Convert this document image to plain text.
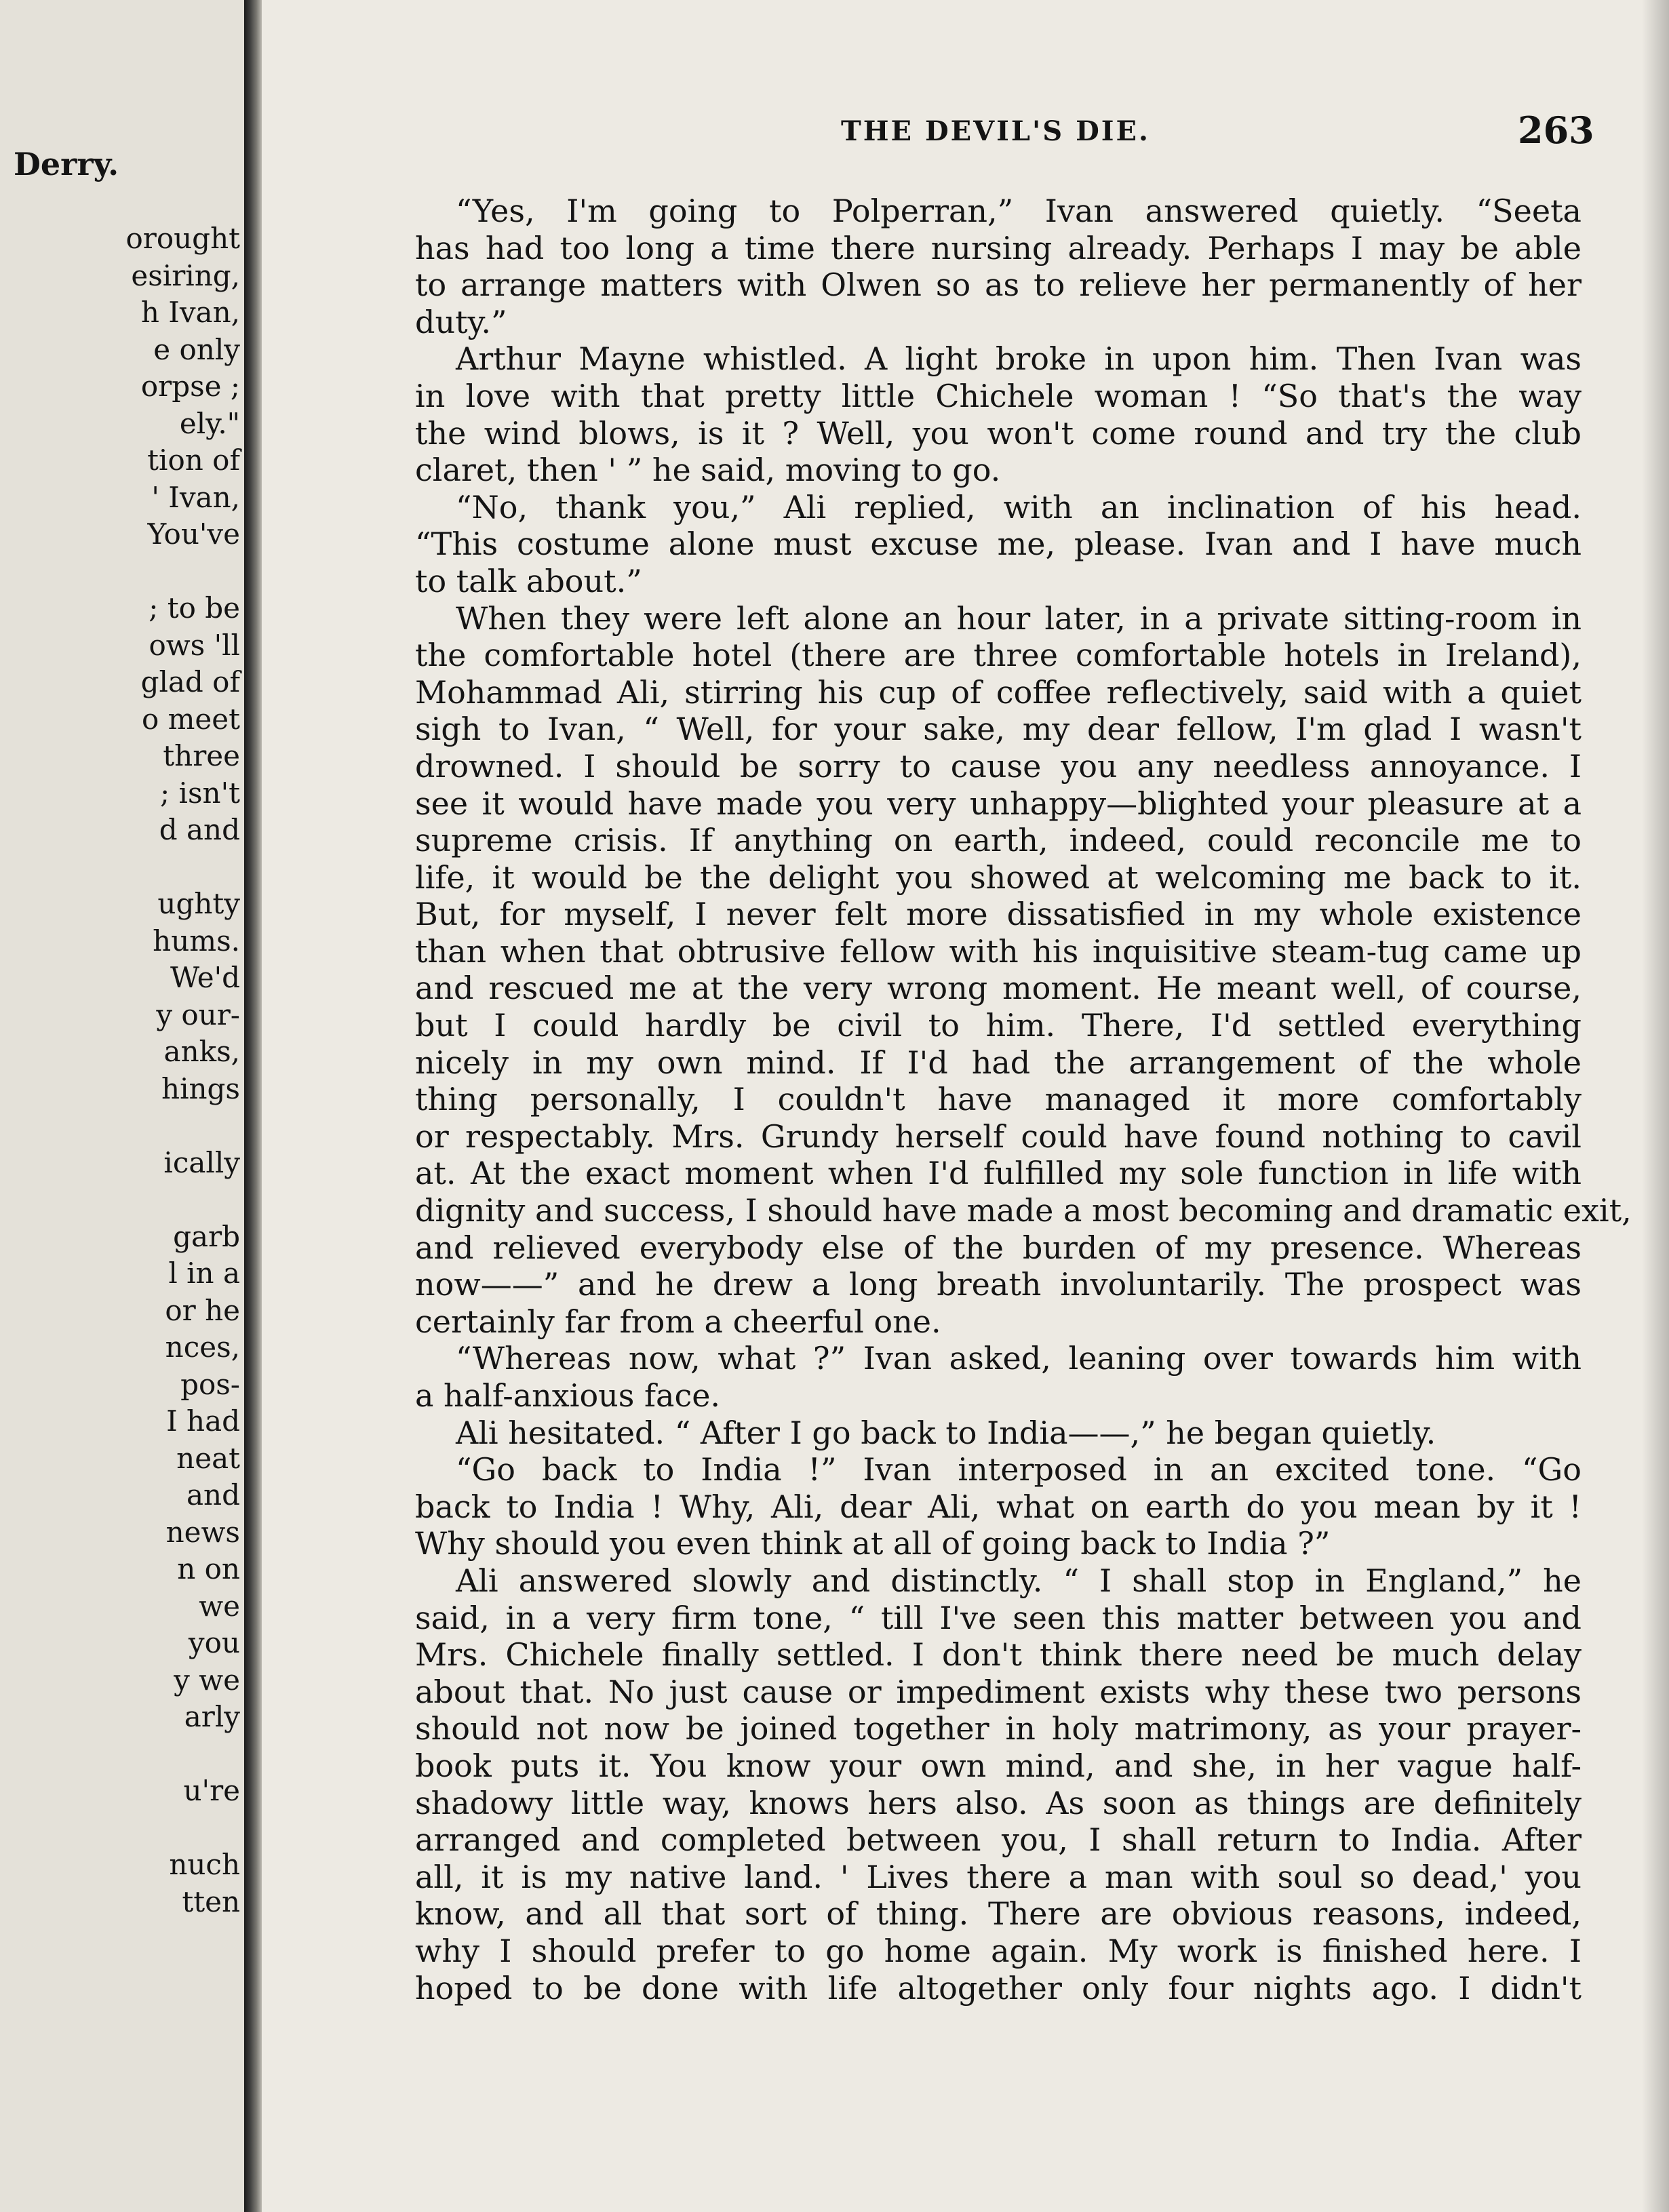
Derry.
orought
esiring,
h Ivan,
e only
orpse ;
ely."
tion of
' Ivan,
You've
; to be
ows 'll
glad of
o meet
three
; isn't
d and
ughty
hums.
We'd
y our-
anks,
hings
ically
garb
l in a
or he
nces,
pos-
I had
neat
and
news
n on
we
you
y we
arly
u're
nuch
tten
THE DEVIL'S DIE.	263
“Yes, I'm going to Polperran,” Ivan answered quietly. “Seeta
has had too long a time there nursing already. Perhaps I may be able
to arrange matters with Olwen so as to relieve her permanently of her
duty.”
Arthur Mayne whistled. A light broke in upon him. Then Ivan was
in love with that pretty little Chichele woman ! “So that's the way
the wind blows, is it ? Well, you won't come round and try the club
claret, then ' ” he said, moving to go.
“No, thank you,” Ali replied, with an inclination of his head.
“This costume alone must excuse me, please. Ivan and I have much
to talk about.”
When they were left alone an hour later, in a private sitting-room in
the comfortable hotel (there are three comfortable hotels in Ireland),
Mohammad Ali, stirring his cup of coffee reflectively, said with a quiet
sigh to Ivan, “ Well, for your sake, my dear fellow, I'm glad I wasn't
drowned. I should be sorry to cause you any needless annoyance. I
see it would have made you very unhappy—blighted your pleasure at a
supreme crisis. If anything on earth, indeed, could reconcile me to
life, it would be the delight you showed at welcoming me back to it.
But, for myself, I never felt more dissatisfied in my whole existence
than when that obtrusive fellow with his inquisitive steam-tug came up
and rescued me at the very wrong moment. He meant well, of course,
but I could hardly be civil to him. There, I'd settled everything
nicely in my own mind. If I'd had the arrangement of the whole
thing personally, I couldn't have managed it more comfortably
or respectably. Mrs. Grundy herself could have found nothing to cavil
at. At the exact moment when I'd fulfilled my sole function in life with
dignity and success, I should have made a most becoming and dramatic exit,
and relieved everybody else of the burden of my presence. Whereas
now——” and he drew a long breath involuntarily. The prospect was
certainly far from a cheerful one.
“Whereas now, what ?” Ivan asked, leaning over towards him with
a half-anxious face.
Ali hesitated. “ After I go back to India——,” he began quietly.
“Go back to India !” Ivan interposed in an excited tone. “Go
back to India ! Why, Ali, dear Ali, what on earth do you mean by it !
Why should you even think at all of going back to India ?”
Ali answered slowly and distinctly. “ I shall stop in England,” he
said, in a very firm tone, “ till I've seen this matter between you and
Mrs. Chichele finally settled. I don't think there need be much delay
about that. No just cause or impediment exists why these two persons
should not now be joined together in holy matrimony, as your prayer-
book puts it. You know your own mind, and she, in her vague half-
shadowy little way, knows hers also. As soon as things are definitely
arranged and completed between you, I shall return to India. After
all, it is my native land. ' Lives there a man with soul so dead,' you
know, and all that sort of thing. There are obvious reasons, indeed,
why I should prefer to go home again. My work is finished here. I
hoped to be done with life altogether only four nights ago. I didn't
